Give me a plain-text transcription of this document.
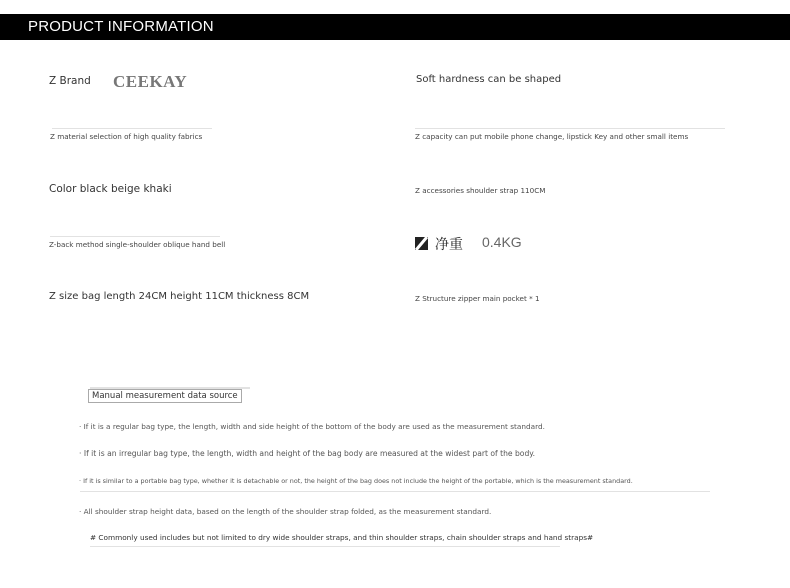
PRODUCT INFORMATION
Z Brand CEEKAY
Z material selection of high quality fabrics
Color black beige khaki
Z-back method single-shoulder oblique hand bell
Z size bag length 24CM height 11CM thickness 8CM
Soft hardness can be shaped
Z capacity can put mobile phone change, lipstick Key and other small items
Z accessories shoulder strap 110CM
净重 0.4KG
Z Structure zipper main pocket * 1
Manual measurement data source
· If it is a regular bag type, the length, width and side height of the bottom of the body are used as the measurement standard.
· If it is an irregular bag type, the length, width and height of the bag body are measured at the widest part of the body.
· If it is similar to a portable bag type, whether it is detachable or not, the height of the bag does not include the height of the portable, which is the measurement standard.
· All shoulder strap height data, based on the length of the shoulder strap folded, as the measurement standard.
# Commonly used includes but not limited to dry wide shoulder straps, and thin shoulder straps, chain shoulder straps and hand straps#
